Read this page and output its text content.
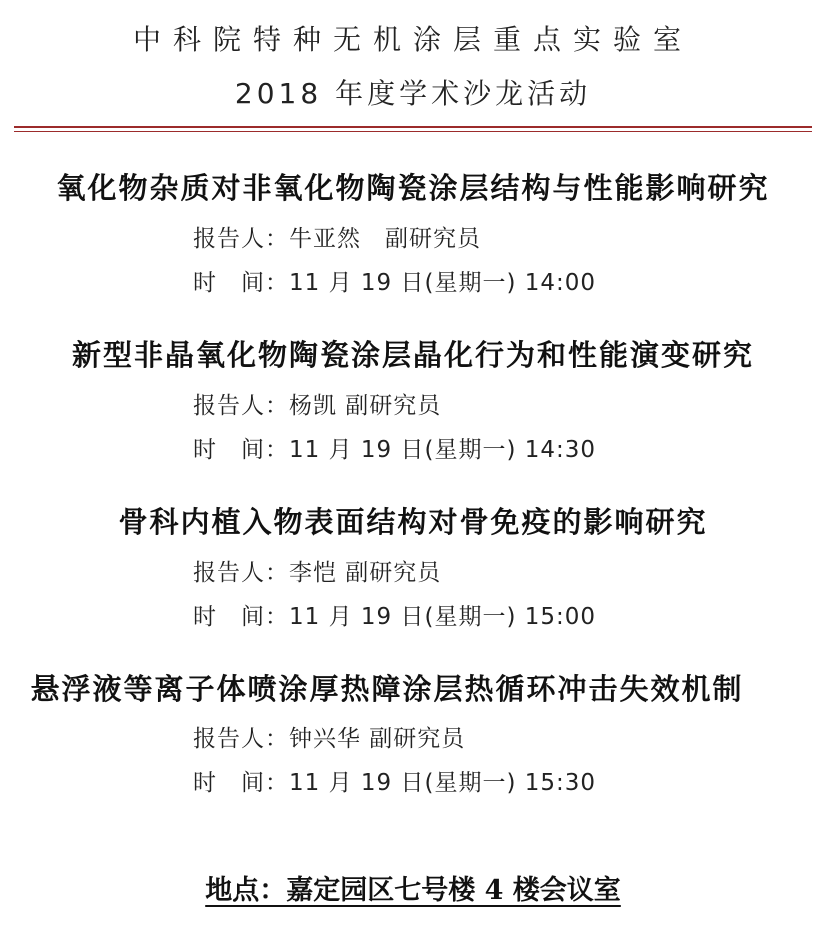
中科院特种无机涂层重点实验室
2018 年度学术沙龙活动
氧化物杂质对非氧化物陶瓷涂层结构与性能影响研究
报告人：牛亚然　副研究员
时　间：11 月 19 日(星期一) 14:00
新型非晶氧化物陶瓷涂层晶化行为和性能演变研究
报告人：杨凯 副研究员
时　间：11 月 19 日(星期一) 14:30
骨科内植入物表面结构对骨免疫的影响研究
报告人：李恺 副研究员
时　间：11 月 19 日(星期一) 15:00
悬浮液等离子体喷涂厚热障涂层热循环冲击失效机制
报告人：钟兴华 副研究员
时　间：11 月 19 日(星期一) 15:30
地点：嘉定园区七号楼 4 楼会议室
